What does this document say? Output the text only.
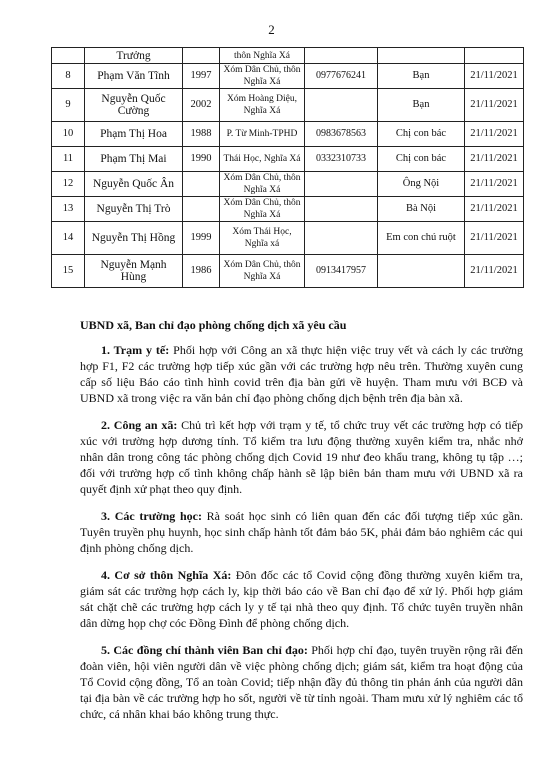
2
	Trưởng		thôn Nghĩa Xá			
8	Phạm Văn Tĩnh	1997	Xóm Dân Chủ, thôn Nghĩa Xá	0977676241	Bạn	21/11/2021
9	Nguyễn Quốc Cường	2002	Xóm Hoàng Diệu, Nghĩa Xá		Bạn	21/11/2021
10	Phạm Thị Hoa	1988	P. Từ Minh-TPHD	0983678563	Chị con bác	21/11/2021
11	Phạm Thị Mai	1990	Thái Học, Nghĩa Xá	0332310733	Chị con bác	21/11/2021
12	Nguyễn Quốc Ân		Xóm Dân Chủ, thôn Nghĩa Xá		Ông Nội	21/11/2021
13	Nguyễn Thị Trò		Xóm Dân Chủ, thôn Nghĩa Xá		Bà Nội	21/11/2021
14	Nguyễn Thị Hồng	1999	Xóm Thái Học, Nghĩa xá		Em con chú ruột	21/11/2021
15	Nguyễn Mạnh Hùng	1986	Xóm Dân Chủ, thôn Nghĩa Xá	0913417957		21/11/2021
UBND xã, Ban chỉ đạo phòng chống dịch xã yêu cầu

1. Trạm y tế: Phối hợp với Công an xã thực hiện việc truy vết và cách ly các trường hợp F1, F2 các trường hợp tiếp xúc gần với các trường hợp nêu trên. Thường xuyên cung cấp số liệu Báo cáo tình hình covid trên địa bàn gửi về huyện. Tham mưu với BCĐ và UBND xã trong việc ra văn bản chỉ đạo phòng chống dịch bệnh trên địa bàn xã.

2. Công an xã: Chủ trì kết hợp với trạm y tế, tổ chức truy vết các trường hợp có tiếp xúc với trường hợp dương tính. Tổ kiểm tra lưu động thường xuyên kiểm tra, nhắc nhở nhân dân trong công tác phòng chống dịch Covid 19 như đeo khẩu trang, không tụ tập …; đối với trường hợp cố tình không chấp hành sẽ lập biên bản tham mưu với UBND xã ra quyết định xử phạt theo quy định.

3. Các trường học: Rà soát học sinh có liên quan đến các đối tượng tiếp xúc gần. Tuyên truyền phụ huynh, học sinh chấp hành tốt đảm bảo 5K, phải đảm bảo nghiêm các qui định phòng chống dịch.

4. Cơ sở thôn Nghĩa Xá: Đôn đốc các tổ Covid cộng đồng thường xuyên kiểm tra, giám sát các trường hợp cách ly, kịp thời báo cáo về Ban chỉ đạo để xử lý. Phối hợp giám sát chặt chẽ các trường hợp cách ly y tế tại nhà theo quy định. Tổ chức tuyên truyền nhân dân dừng họp chợ cóc Đồng Đình để phòng chống dịch.

5. Các đồng chí thành viên Ban chỉ đạo: Phối hợp chỉ đạo, tuyên truyền rộng rãi đến đoàn viên, hội viên người dân về việc phòng chống dịch; giám sát, kiểm tra hoạt động của Tổ Covid cộng đồng, Tổ an toàn Covid; tiếp nhận đầy đủ thông tin phản ánh của người dân tại địa bàn về các trường hợp ho sốt, người về từ tỉnh ngoài. Tham mưu xử lý nghiêm các tổ chức, cá nhân khai báo không trung thực.
